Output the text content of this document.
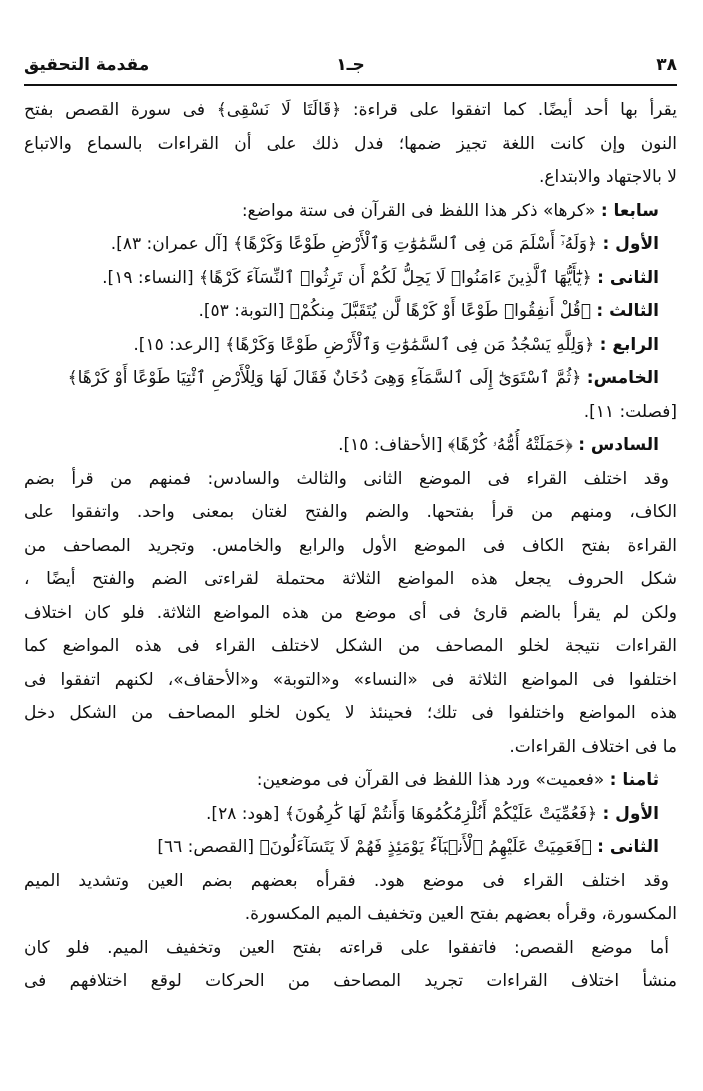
٣٨
جـ١
مقدمة التحقيق
يقرأ بها أحد أيضًا. كما اتفقوا على قراءة: ﴿قَالَتَا لَا نَسْقِى﴾ فى سورة القصص بفتح
النون وإن كانت اللغة تجيز ضمها؛ فدل ذلك على أن القراءات بالسماع والاتباع
لا بالاجتهاد والابتداع.
سابعا : «كرها» ذكر هذا اللفظ فى القرآن فى ستة مواضع:
الأول : ﴿وَلَهُۥٓ أَسْلَمَ مَن فِى ٱلسَّمَٰوَٰتِ وَٱلْأَرْضِ طَوْعًا وَكَرْهًا﴾ [آل عمران: ٨٣].
الثانى : ﴿يَٰٓأَيُّهَا ٱلَّذِينَ ءَامَنُوا۟ لَا يَحِلُّ لَكُمْ أَن تَرِثُوا۟ ٱلنِّسَآءَ كَرْهًا﴾ [النساء: ١٩].
الثالث : ﴿قُلْ أَنفِقُوا۟ طَوْعًا أَوْ كَرْهًا لَّن يُتَقَبَّلَ مِنكُمْ﴾ [التوبة: ٥٣].
الرابع : ﴿وَلِلَّهِ يَسْجُدُ مَن فِى ٱلسَّمَٰوَٰتِ وَٱلْأَرْضِ طَوْعًا وَكَرْهًا﴾ [الرعد: ١٥].
الخامس: ﴿ثُمَّ ٱسْتَوَىٰٓ إِلَى ٱلسَّمَآءِ وَهِىَ دُخَانٌ فَقَالَ لَهَا وَلِلْأَرْضِ ٱئْتِيَا طَوْعًا أَوْ كَرْهًا﴾
[فصلت: ١١].
السادس : ﴿حَمَلَتْهُ أُمُّهُۥ كُرْهًا﴾ [الأحقاف: ١٥].
وقد اختلف القراء فى الموضع الثانى والثالث والسادس: فمنهم من قرأ بضم
الكاف، ومنهم من قرأ بفتحها. والضم والفتح لغتان بمعنى واحد. واتفقوا على
القراءة بفتح الكاف فى الموضع الأول والرابع والخامس. وتجريد المصاحف من
شكل الحروف يجعل هذه المواضع الثلاثة محتملة لقراءتى الضم والفتح أيضًا ،
ولكن لم يقرأ بالضم قارئ فى أى موضع من هذه المواضع الثلاثة. فلو كان اختلاف
القراءات نتيجة لخلو المصاحف من الشكل لاختلف القراء فى هذه المواضع كما
اختلفوا فى المواضع الثلاثة فى «النساء» و«التوبة» و«الأحقاف»، لكنهم اتفقوا فى
هذه المواضع واختلفوا فى تلك؛ فحينئذ لا يكون لخلو المصاحف من الشكل دخل
ما فى اختلاف القراءات.
ثامنا : «فعميت» ورد هذا اللفظ فى القرآن فى موضعين:
الأول : ﴿فَعُمِّيَتْ عَلَيْكُمْ أَنُلْزِمُكُمُوهَا وَأَنتُمْ لَهَا كَٰرِهُونَ﴾ [هود: ٢٨].
الثانى : ﴿فَعَمِيَتْ عَلَيْهِمُ ٱلْأَنۢبَآءُ يَوْمَئِذٍ فَهُمْ لَا يَتَسَآءَلُونَ﴾ [القصص: ٦٦]
وقد اختلف القراء فى موضع هود. فقرأه بعضهم بضم العين وتشديد الميم
المكسورة، وقرأه بعضهم بفتح العين وتخفيف الميم المكسورة.
أما موضع القصص: فاتفقوا على قراءته بفتح العين وتخفيف الميم. فلو كان
منشأ اختلاف القراءات تجريد المصاحف من الحركات لوقع اختلافهم فى
